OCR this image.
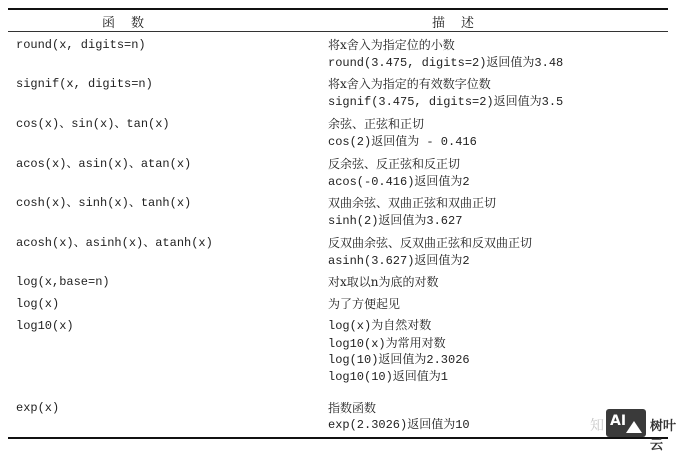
函数	描述
round(x, digits=n)	将x舍入为指定位的小数
round(3.475, digits=2)返回值为3.48
signif(x, digits=n)	将x舍入为指定的有效数字位数
signif(3.475, digits=2)返回值为3.5
cos(x)、sin(x)、tan(x)	余弦、正弦和正切
cos(2)返回值为 - 0.416
acos(x)、asin(x)、atan(x)	反余弦、反正弦和反正切
acos(-0.416)返回值为2
cosh(x)、sinh(x)、tanh(x)	双曲余弦、双曲正弦和双曲正切
sinh(2)返回值为3.627
acosh(x)、asinh(x)、atanh(x)	反双曲余弦、反双曲正弦和反双曲正切
asinh(3.627)返回值为2
log(x,base=n)	对x取以n为底的对数
log(x)	为了方便起见
log10(x)	log(x)为自然对数
log10(x)为常用对数
log(10)返回值为2.3026
log10(10)返回值为1
exp(x)	指数函数
exp(2.3026)返回值为10	知 AI 树叶云
